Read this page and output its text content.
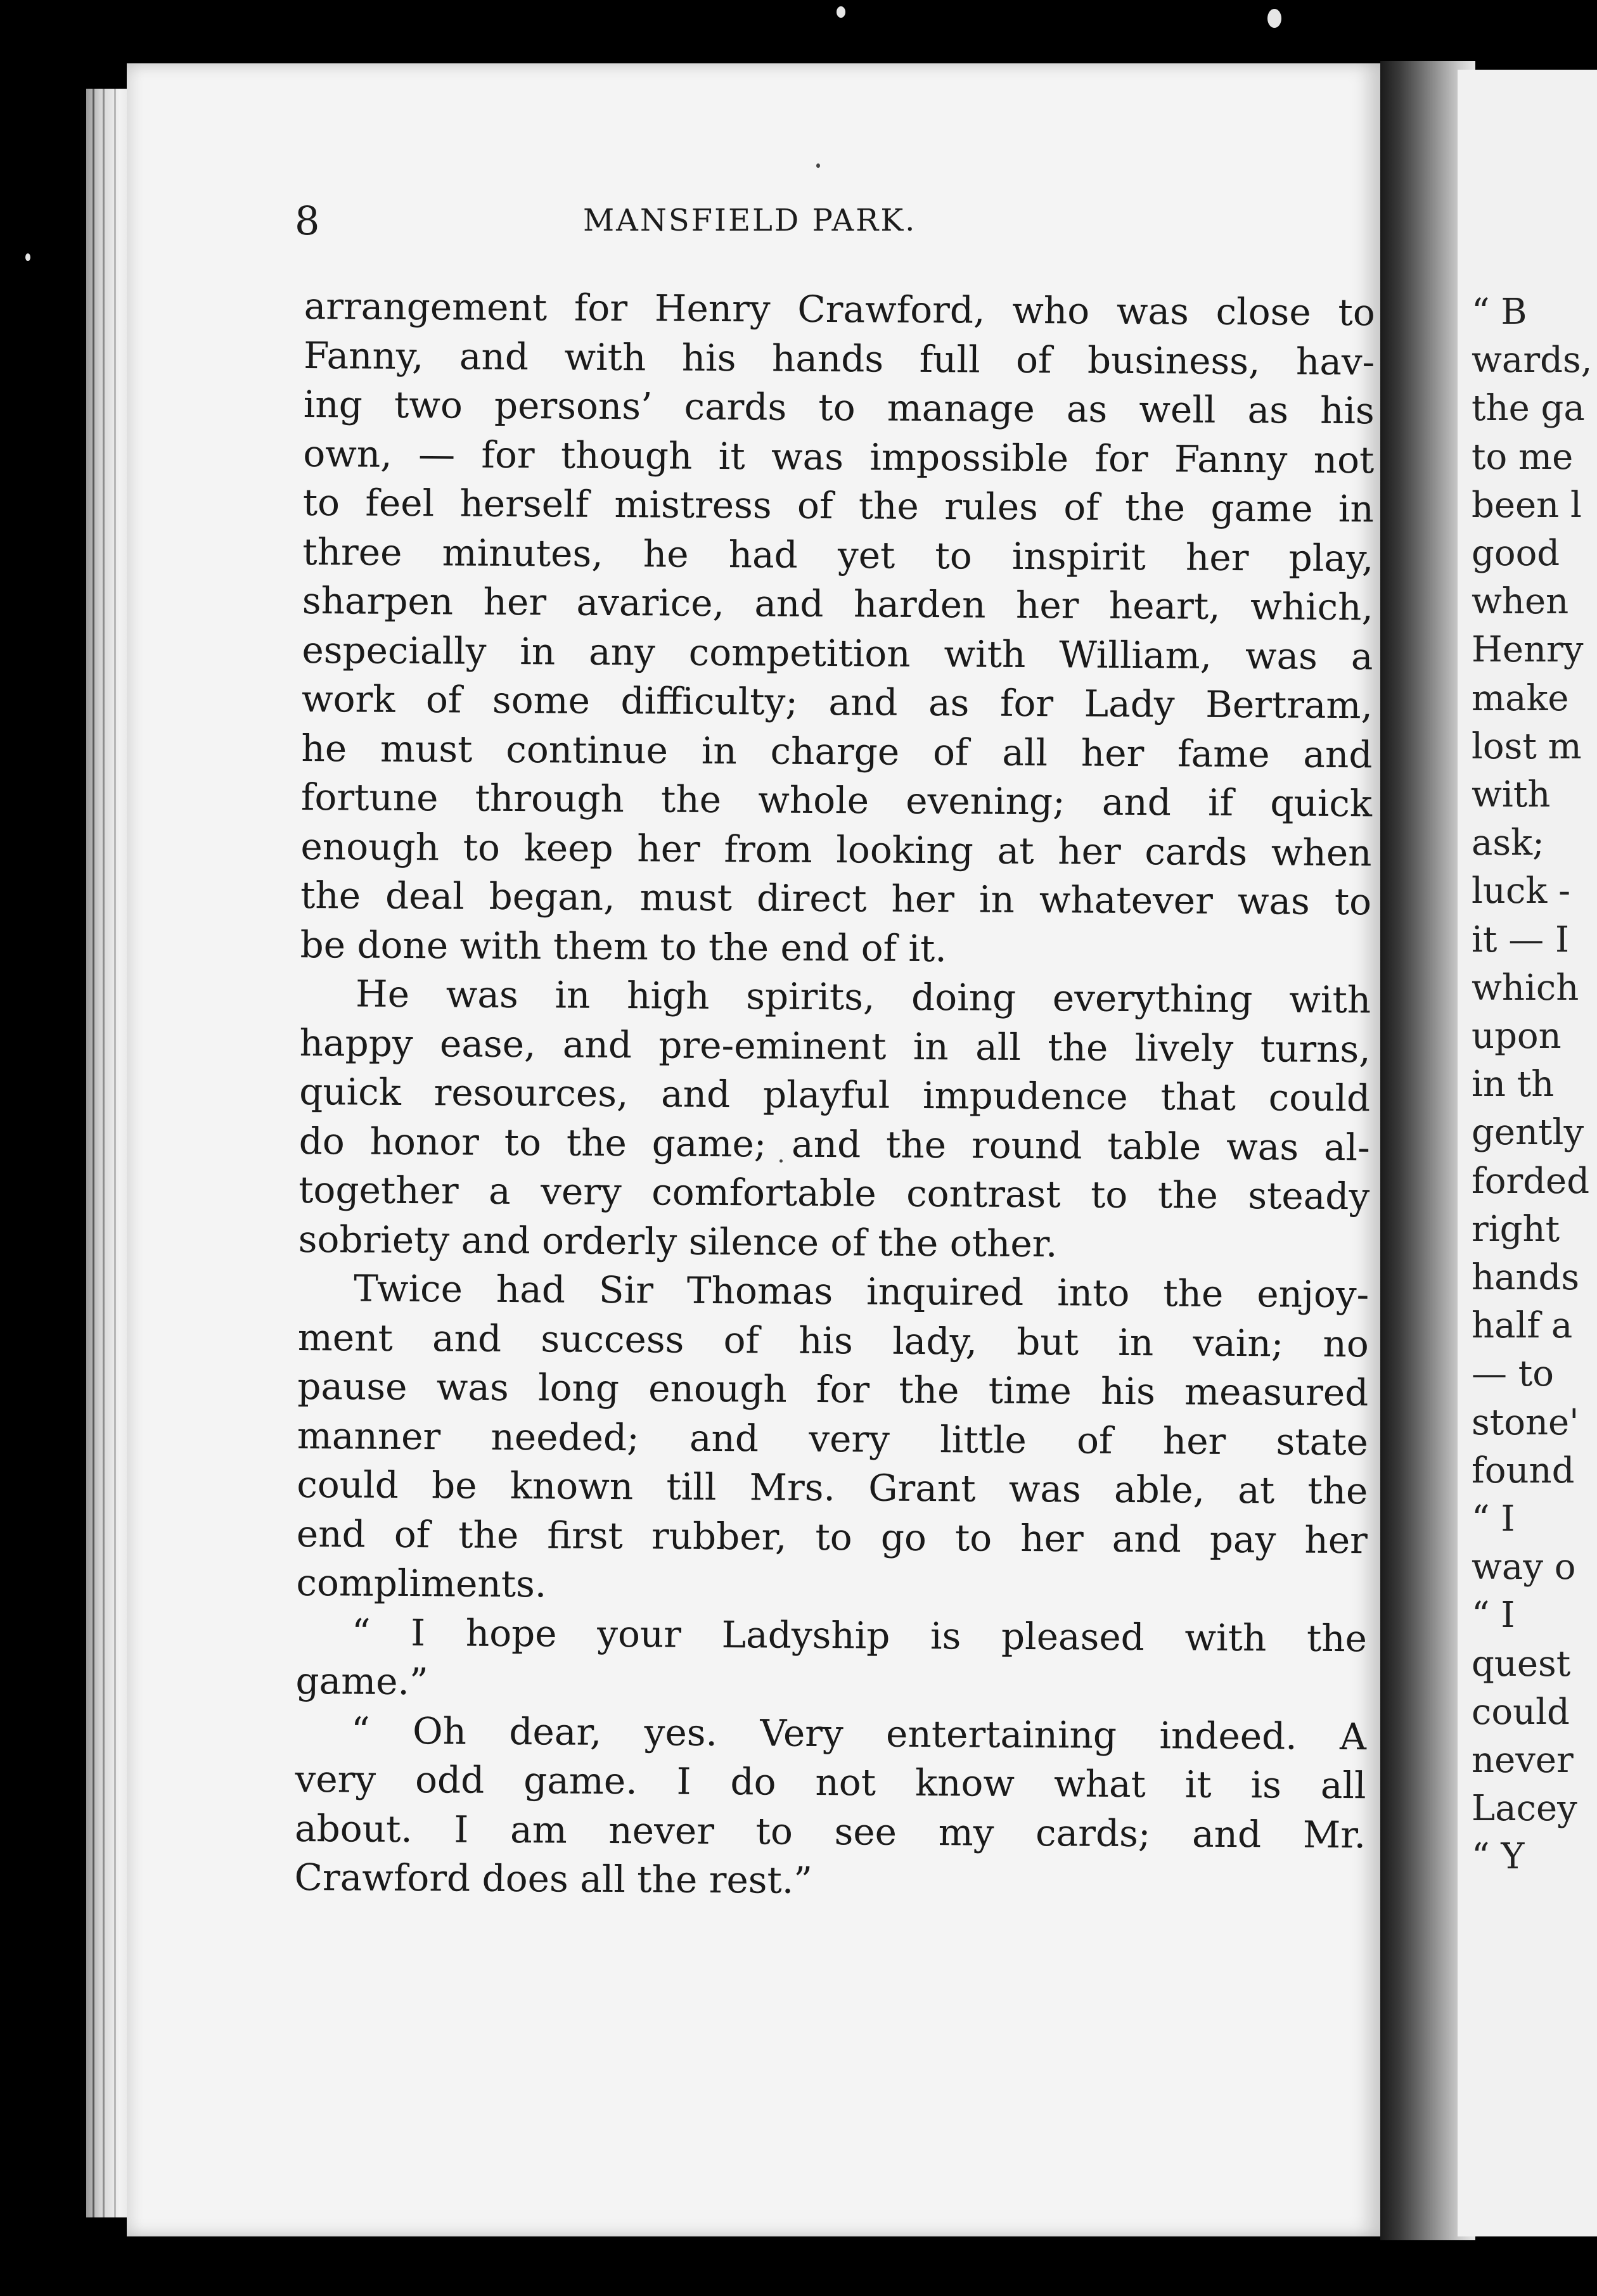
“ B
wards,
the ga
to me
been l
good
when
Henry
make
lost m
with
ask;
luck -
it — I
which
upon
in th
gently
forded
right
hands
half a
— to
stone'
found
“ I
way o
“ I
quest
could
never
Lacey
“ Y
8	MANSFIELD PARK.
arrangement for Henry Crawford, who was close to
Fanny, and with his hands full of business, hav-
ing two persons’ cards to manage as well as his
own, — for though it was impossible for Fanny not
to feel herself mistress of the rules of the game in
three minutes, he had yet to inspirit her play,
sharpen her avarice, and harden her heart, which,
especially in any competition with William, was a
work of some difficulty; and as for Lady Bertram,
he must continue in charge of all her fame and
fortune through the whole evening; and if quick
enough to keep her from looking at her cards when
the deal began, must direct her in whatever was to
be done with them to the end of it.
He was in high spirits, doing everything with
happy ease, and pre-eminent in all the lively turns,
quick resources, and playful impudence that could
do honor to the game; and the round table was al-
together a very comfortable contrast to the steady
sobriety and orderly silence of the other.
Twice had Sir Thomas inquired into the enjoy-
ment and success of his lady, but in vain; no
pause was long enough for the time his measured
manner needed; and very little of her state
could be known till Mrs. Grant was able, at the
end of the first rubber, to go to her and pay her
compliments.
“ I hope your Ladyship is pleased with the
game.”
“ Oh dear, yes. Very entertaining indeed. A
very odd game. I do not know what it is all
about. I am never to see my cards; and Mr.
Crawford does all the rest.”
